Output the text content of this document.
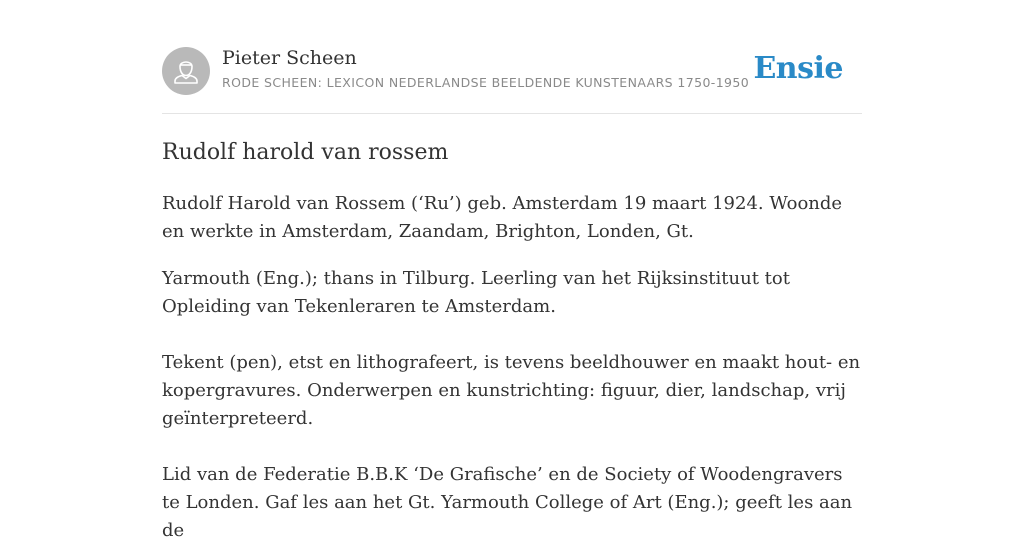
Pieter Scheen
RODE SCHEEN: LEXICON NEDERLANDSE BEELDENDE KUNSTENAARS 1750-1950 Ensie
Rudolf harold van rossem

Rudolf Harold van Rossem (‘Ru’) geb. Amsterdam 19 maart 1924. Woonde en werkte in Amsterdam, Zaandam, Brighton, Londen, Gt.

Yarmouth (Eng.); thans in Tilburg. Leerling van het Rijksinstituut tot Opleiding van Tekenleraren te Amsterdam.

Tekent (pen), etst en lithografeert, is tevens beeldhouwer en maakt hout- en kopergravures. Onderwerpen en kunstrichting: figuur, dier, landschap, vrij geïnterpreteerd.

Lid van de Federatie B.B.K ‘De Grafische’ en de Society of Woodengravers te Londen. Gaf les aan het Gt. Yarmouth College of Art (Eng.); geeft les aan de
